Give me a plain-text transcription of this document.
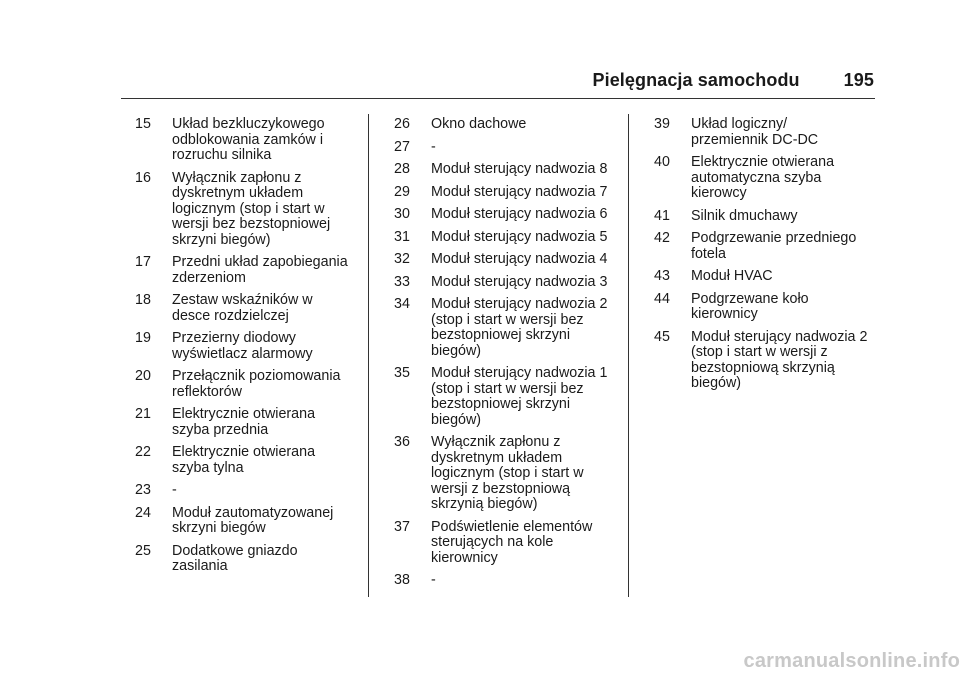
Pielęgnacja samochodu 195
15 Układ bezkluczykowego
odblokowania zamków i
rozruchu silnika
16 Wyłącznik zapłonu z
dyskretnym układem
logicznym (stop i start w
wersji bez bezstopniowej
skrzyni biegów)
17 Przedni układ zapobiegania
zderzeniom
18 Zestaw wskaźników w
desce rozdzielczej
19 Przezierny diodowy
wyświetlacz alarmowy
20 Przełącznik poziomowania
reflektorów
21 Elektrycznie otwierana
szyba przednia
22 Elektrycznie otwierana
szyba tylna
23 -
24 Moduł zautomatyzowanej
skrzyni biegów
25 Dodatkowe gniazdo
zasilania
26 Okno dachowe
27 -
28 Moduł sterujący nadwozia 8
29 Moduł sterujący nadwozia 7
30 Moduł sterujący nadwozia 6
31 Moduł sterujący nadwozia 5
32 Moduł sterujący nadwozia 4
33 Moduł sterujący nadwozia 3
34 Moduł sterujący nadwozia 2
(stop i start w wersji bez
bezstopniowej skrzyni
biegów)
35 Moduł sterujący nadwozia 1
(stop i start w wersji bez
bezstopniowej skrzyni
biegów)
36 Wyłącznik zapłonu z
dyskretnym układem
logicznym (stop i start w
wersji z bezstopniową
skrzynią biegów)
37 Podświetlenie elementów
sterujących na kole
kierownicy
38 -
39 Układ logiczny/
przemiennik DC-DC
40 Elektrycznie otwierana
automatyczna szyba
kierowcy
41 Silnik dmuchawy
42 Podgrzewanie przedniego
fotela
43 Moduł HVAC
44 Podgrzewane koło
kierownicy
45 Moduł sterujący nadwozia 2
(stop i start w wersji z
bezstopniową skrzynią
biegów)
carmanualsonline.info
